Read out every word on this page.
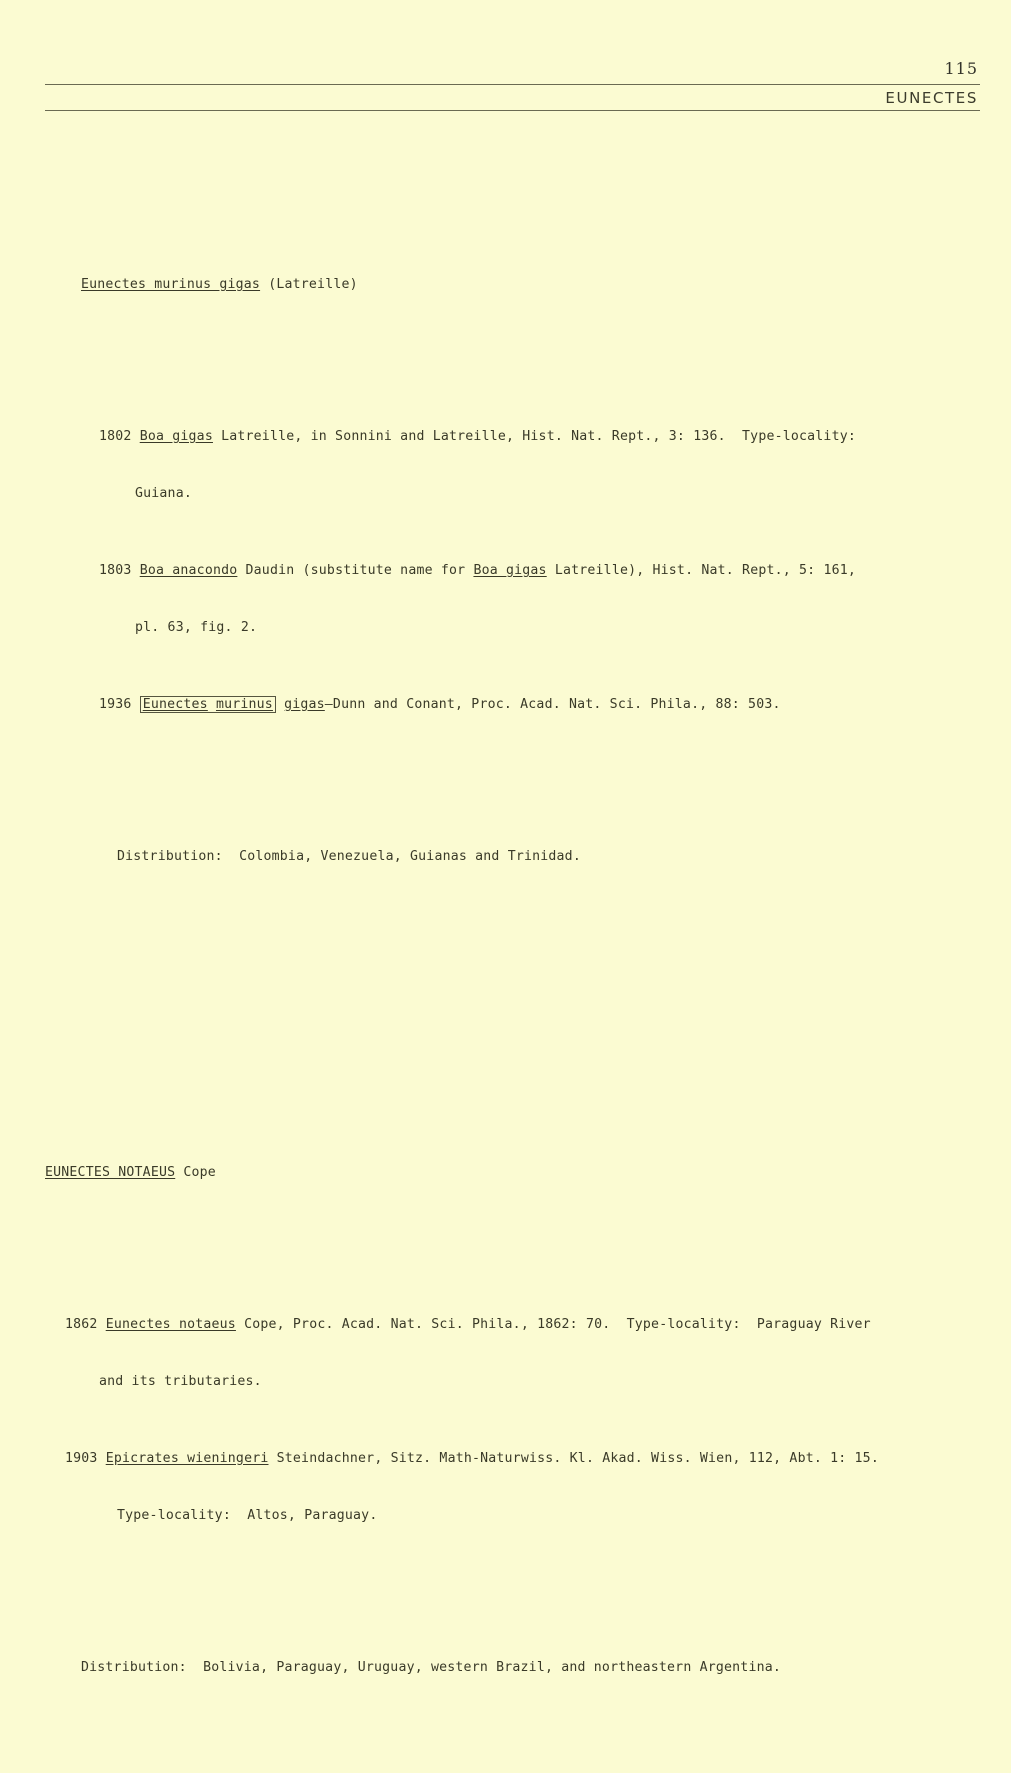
115
EUNECTES

Eunectes murinus gigas (Latreille)

1802 Boa gigas Latreille, in Sonnini and Latreille, Hist. Nat. Rept., 3: 136.  Type-locality:

Guiana.

1803 Boa anacondo Daudin (substitute name for Boa gigas Latreille), Hist. Nat. Rept., 5: 161,

pl. 63, fig. 2.

1936 Eunectes murinus gigas—Dunn and Conant, Proc. Acad. Nat. Sci. Phila., 88: 503.

Distribution:  Colombia, Venezuela, Guianas and Trinidad.

EUNECTES NOTAEUS Cope

1862 Eunectes notaeus Cope, Proc. Acad. Nat. Sci. Phila., 1862: 70.  Type-locality:  Paraguay River

and its tributaries.

1903 Epicrates wieningeri Steindachner, Sitz. Math-Naturwiss. Kl. Akad. Wiss. Wien, 112, Abt. 1: 15.

Type-locality:  Altos, Paraguay.

Distribution:  Bolivia, Paraguay, Uruguay, western Brazil, and northeastern Argentina.
